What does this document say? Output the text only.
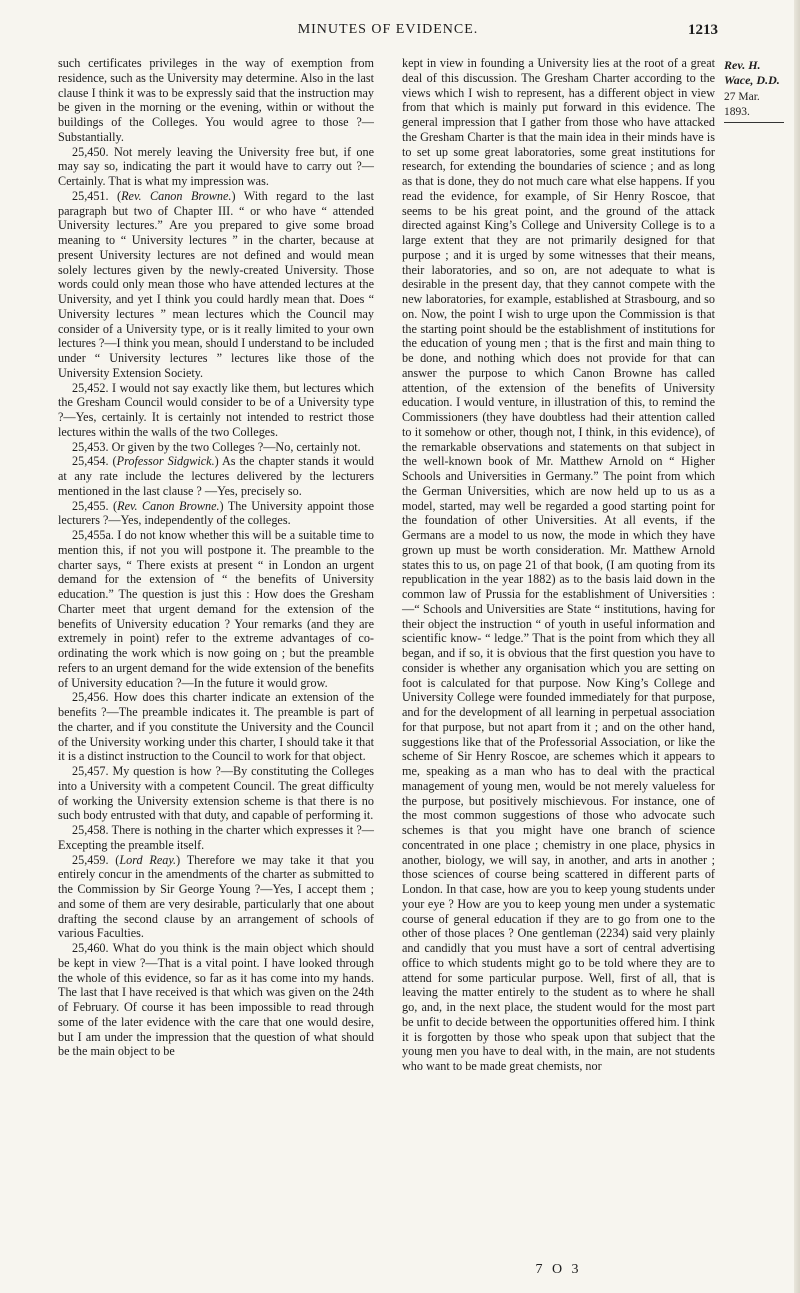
MINUTES OF EVIDENCE.	1213

such certificates privileges in the way of exemption from residence, such as the University may determine. Also in the last clause I think it was to be expressly said that the instruction may be given in the morning or the evening, within or without the buildings of the Colleges. You would agree to those ?—Substantially.

25,450. Not merely leaving the University free but, if one may say so, indicating the part it would have to carry out ?—Certainly. That is what my impression was.

25,451. (Rev. Canon Browne.) With regard to the last paragraph but two of Chapter III. “ or who have “ attended University lectures.” Are you prepared to give some broad meaning to “ University lectures ” in the charter, because at present University lectures are not defined and would mean solely lectures given by the newly-created University. Those words could only mean those who have attended lectures at the University, and yet I think you could hardly mean that. Does “ University lectures ” mean lectures which the Council may consider of a University type, or is it really limited to your own lectures ?—I think you mean, should I understand to be included under “ University lectures ” lectures like those of the University Extension Society.

25,452. I would not say exactly like them, but lectures which the Gresham Council would consider to be of a University type ?—Yes, certainly. It is certainly not intended to restrict those lectures within the walls of the two Colleges.

25,453. Or given by the two Colleges ?—No, certainly not.

25,454. (Professor Sidgwick.) As the chapter stands it would at any rate include the lectures delivered by the lecturers mentioned in the last clause ? —Yes, precisely so.

25,455. (Rev. Canon Browne.) The University appoint those lecturers ?—Yes, independently of the colleges.

25,455a. I do not know whether this will be a suitable time to mention this, if not you will postpone it. The preamble to the charter says, “ There exists at present “ in London an urgent demand for the extension of “ the benefits of University education.” The question is just this : How does the Gresham Charter meet that urgent demand for the extension of the benefits of University education ? Your remarks (and they are extremely in point) refer to the extreme advantages of co-ordinating the work which is now going on ; but the preamble refers to an urgent demand for the wide extension of the benefits of University education ?—In the future it would grow.

25,456. How does this charter indicate an extension of the benefits ?—The preamble indicates it. The preamble is part of the charter, and if you constitute the University and the Council of the University working under this charter, I should take it that it is a distinct instruction to the Council to work for that object.

25,457. My question is how ?—By constituting the Colleges into a University with a competent Council. The great difficulty of working the University extension scheme is that there is no such body entrusted with that duty, and capable of performing it.

25,458. There is nothing in the charter which expresses it ?—Excepting the preamble itself.

25,459. (Lord Reay.) Therefore we may take it that you entirely concur in the amendments of the charter as submitted to the Commission by Sir George Young ?—Yes, I accept them ; and some of them are very desirable, particularly that one about drafting the second clause by an arrangement of schools of various Faculties.

25,460. What do you think is the main object which should be kept in view ?—That is a vital point. I have looked through the whole of this evidence, so far as it has come into my hands. The last that I have received is that which was given on the 24th of February. Of course it has been impossible to read through some of the later evidence with the care that one would desire, but I am under the impression that the question of what should be the main object to be

kept in view in founding a University lies at the root of a great deal of this discussion. The Gresham Charter according to the views which I wish to represent, has a different object in view from that which is mainly put forward in this evidence. The general impression that I gather from those who have attacked the Gresham Charter is that the main idea in their minds have is to set up some great laboratories, some great institutions for research, for extending the boundaries of science ; and as long as that is done, they do not much care what else happens. If you read the evidence, for example, of Sir Henry Roscoe, that seems to be his great point, and the ground of the attack directed against King’s College and University College is to a large extent that they are not primarily designed for that purpose ; and it is urged by some witnesses that their means, their laboratories, and so on, are not adequate to what is desirable in the present day, that they cannot compete with the new laboratories, for example, established at Strasbourg, and so on. Now, the point I wish to urge upon the Commission is that the starting point should be the establishment of institutions for the education of young men ; that is the first and main thing to be done, and nothing which does not provide for that can answer the purpose to which Canon Browne has called attention, of the extension of the benefits of University education. I would venture, in illustration of this, to remind the Commissioners (they have doubtless had their attention called to it somehow or other, though not, I think, in this evidence), of the remarkable observations and statements on that subject in the well-known book of Mr. Matthew Arnold on “ Higher Schools and Universities in Germany.” The point from which the German Universities, which are now held up to us as a model, started, may well be regarded a good starting point for the foundation of other Universities. At all events, if the Germans are a model to us now, the mode in which they have grown up must be worth consideration. Mr. Matthew Arnold states this to us, on page 21 of that book, (I am quoting from its republication in the year 1882) as to the basis laid down in the common law of Prussia for the establishment of Universities :—“ Schools and Universities are State “ institutions, having for their object the instruction “ of youth in useful information and scientific know- “ ledge.” That is the point from which they all began, and if so, it is obvious that the first question you have to consider is whether any organisation which you are setting on foot is calculated for that purpose. Now King’s College and University College were founded immediately for that purpose, and for the development of all learning in perpetual association for that purpose, but not apart from it ; and on the other hand, suggestions like that of the Professorial Association, or like the scheme of Sir Henry Roscoe, are schemes which it appears to me, speaking as a man who has to deal with the practical management of young men, would be not merely valueless for the purpose, but positively mischievous. For instance, one of the most common suggestions of those who advocate such schemes is that you might have one branch of science concentrated in one place ; chemistry in one place, physics in another, biology, we will say, in another, and arts in another ; those sciences of course being scattered in different parts of London. In that case, how are you to keep young students under your eye ? How are you to keep young men under a systematic course of general education if they are to go from one to the other of those places ? One gentleman (2234) said very plainly and candidly that you must have a sort of central advertising office to which students might go to be told where they are to attend for some particular purpose. Well, first of all, that is leaving the matter entirely to the student as to where he shall go, and, in the next place, the student would for the most part be unfit to decide between the opportunities offered him. I think it is forgotten by those who speak upon that subject that the young men you have to deal with, in the main, are not students who want to be made great chemists, nor

Rev. H.
Wace, D.D.
27 Mar. 1893.
7 O 3
